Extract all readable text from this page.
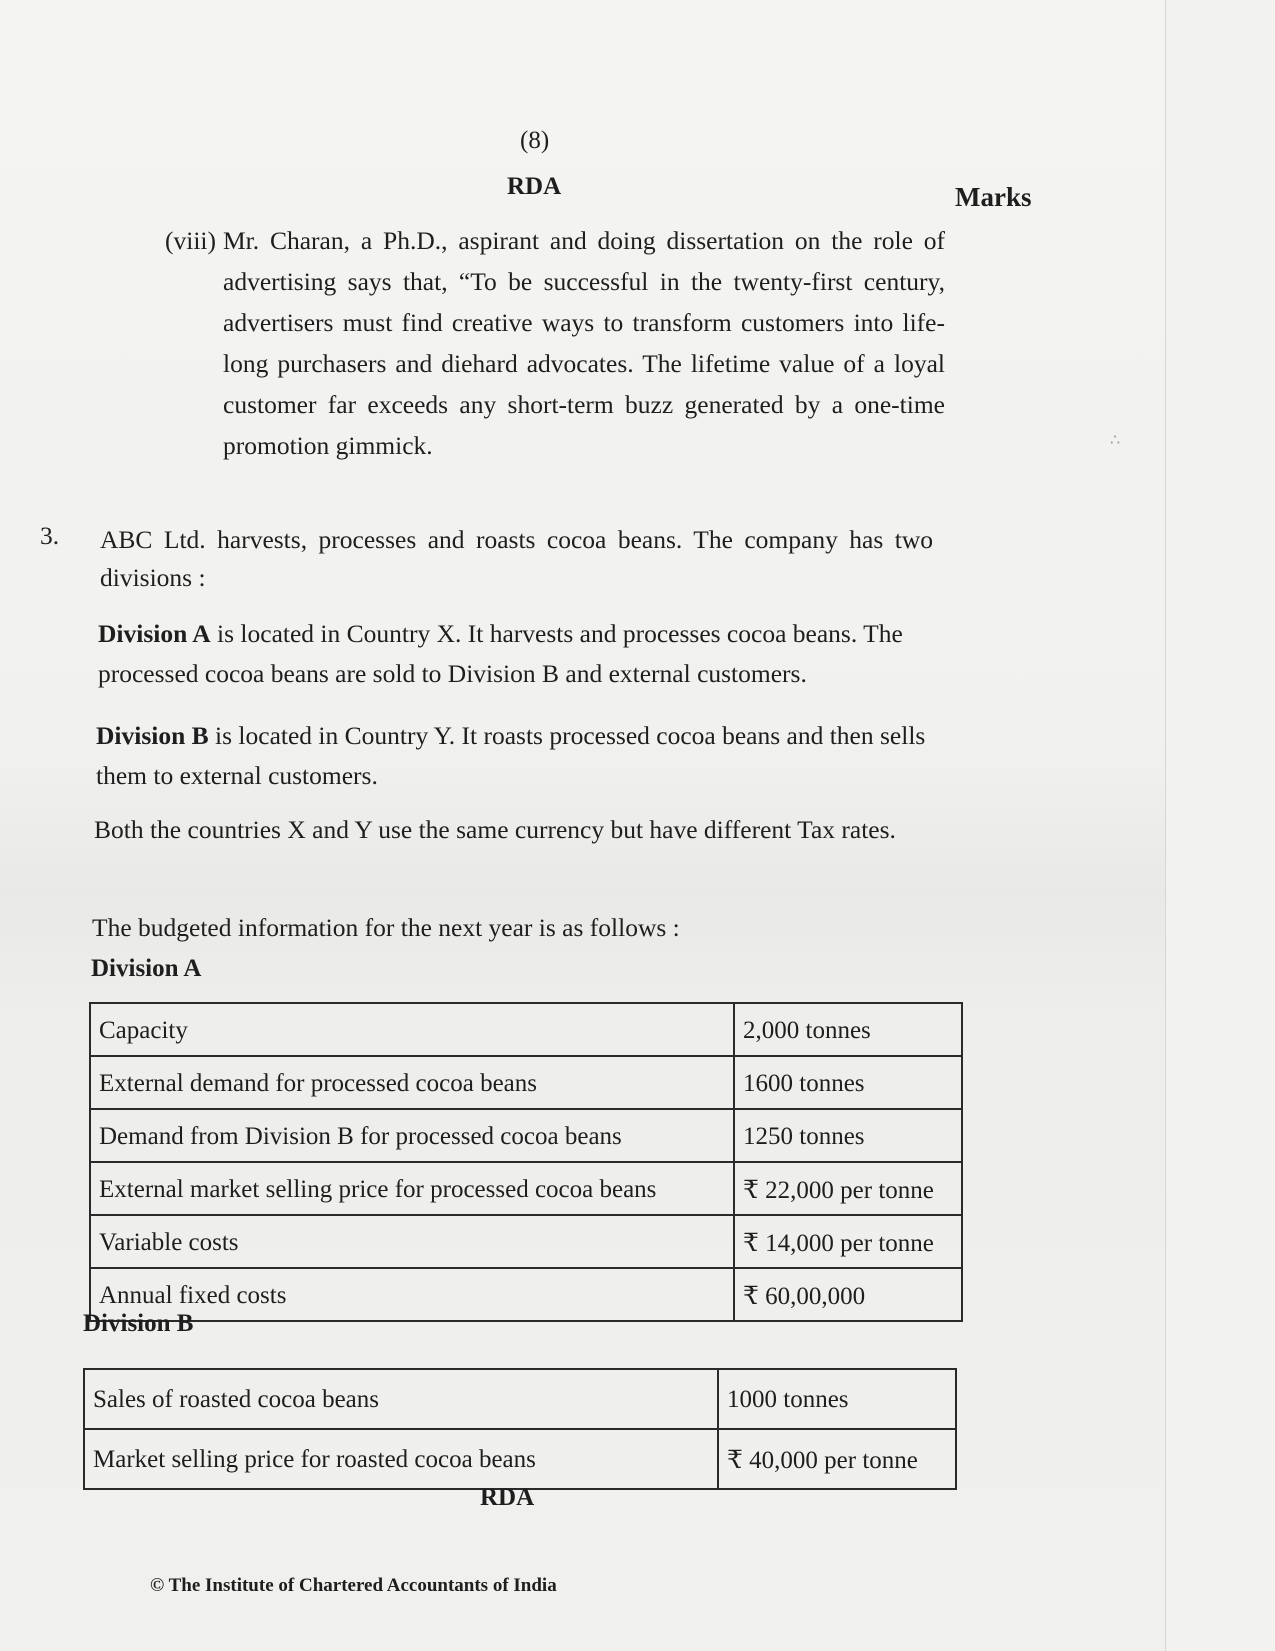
(8)
RDA	Marks
(viii) Mr. Charan, a Ph.D., aspirant and doing dissertation on the role of advertising says that, “To be successful in the twenty-first century, advertisers must find creative ways to transform customers into life-long purchasers and diehard advocates. The lifetime value of a loyal customer far exceeds any short-term buzz generated by a one-time promotion gimmick.
3. ABC Ltd. harvests, processes and roasts cocoa beans. The company has two divisions :
Division A is located in Country X. It harvests and processes cocoa beans. The processed cocoa beans are sold to Division B and external customers.
Division B is located in Country Y. It roasts processed cocoa beans and then sells them to external customers.
Both the countries X and Y use the same currency but have different Tax rates.
The budgeted information for the next year is as follows :
Division A
Capacity	2,000 tonnes
External demand for processed cocoa beans	1600 tonnes
Demand from Division B for processed cocoa beans	1250 tonnes
External market selling price for processed cocoa beans	₹ 22,000 per tonne
Variable costs	₹ 14,000 per tonne
Annual fixed costs	₹ 60,00,000
Division B
Sales of roasted cocoa beans	1000 tonnes
Market selling price for roasted cocoa beans	₹ 40,000 per tonne
RDA
© The Institute of Chartered Accountants of India
∴
